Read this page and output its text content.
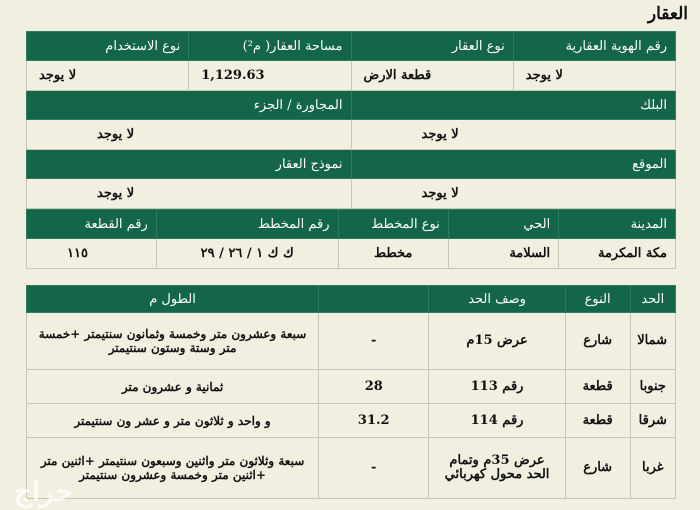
العقار
رقم الهوية العقارية	نوع العقار	مساحة العقار( م²)	نوع الاستخدام
لا يوجد	قطعة الارض	1,129.63	لا يوجد
البلك		المجاورة / الجزء	
لا يوجد		لا يوجد	
الموقع		نموذج العقار	
لا يوجد		لا يوجد	
المدينة	الحي	نوع المخطط	رقم المخطط	رقم القطعة
مكة المكرمة	السلامة	مخطط	ك ك ١ / ٢٦ / ٢٩	١١٥
الحد	النوع	وصف الحد		الطول م
شمالا	شارع	عرض 15م	-	سبعة وعشرون متر وخمسة وثمانون سنتيمتر +خمسة متر وستة وستون سنتيمتر
جنوبا	قطعة	رقم 113	28	ثمانية و عشرون متر
شرقا	قطعة	رقم 114	31.2	و واحد و ثلاثون متر و عشر ون سنتيمتر
غربا	شارع	عرض 35م وتمام الحد محول كهربائي	-	سبعة وثلاثون متر واثنين وسبعون سنتيمتر +اثنين متر +اثنين متر وخمسة وعشرون سنتيمتر
حراج
